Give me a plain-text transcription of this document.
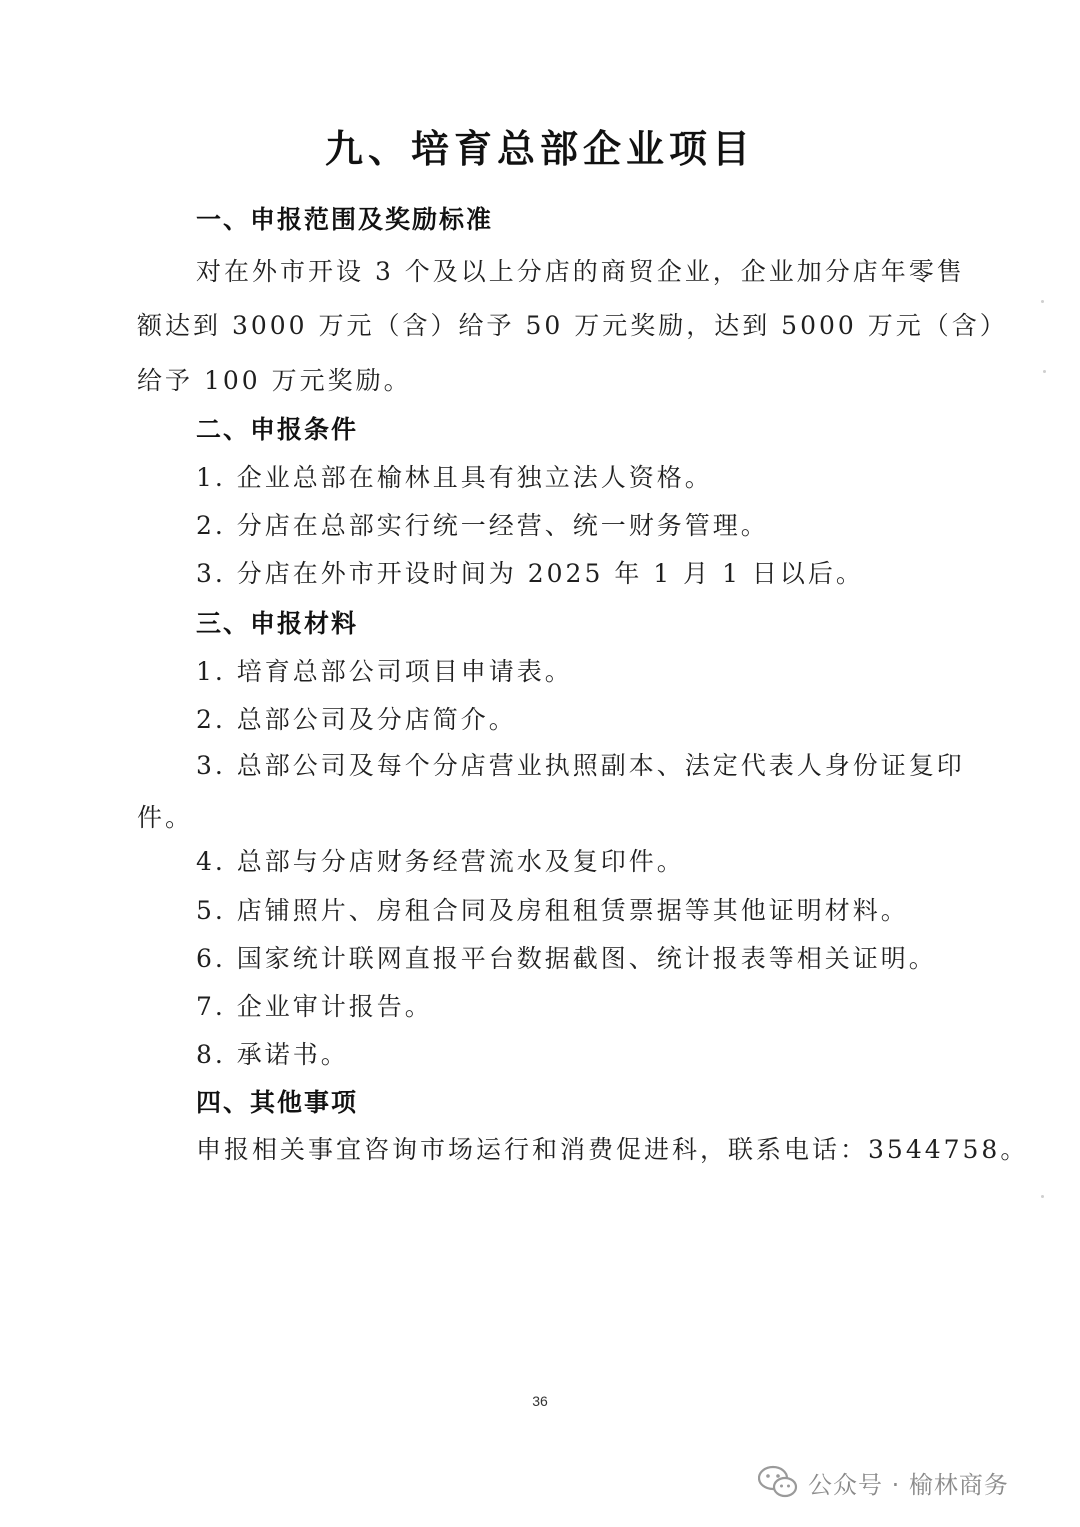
九、培育总部企业项目
一、申报范围及奖励标准
对在外市开设 3 个及以上分店的商贸企业，企业加分店年零售
额达到 3000 万元（含）给予 50 万元奖励，达到 5000 万元（含）
给予 100 万元奖励。
二、申报条件
1. 企业总部在榆林且具有独立法人资格。
2. 分店在总部实行统一经营、统一财务管理。
3. 分店在外市开设时间为 2025 年 1 月 1 日以后。
三、申报材料
1. 培育总部公司项目申请表。
2. 总部公司及分店简介。
3. 总部公司及每个分店营业执照副本、法定代表人身份证复印
件。
4. 总部与分店财务经营流水及复印件。
5. 店铺照片、房租合同及房租租赁票据等其他证明材料。
6. 国家统计联网直报平台数据截图、统计报表等相关证明。
7. 企业审计报告。
8. 承诺书。
四、其他事项
申报相关事宜咨询市场运行和消费促进科，联系电话：3544758。
36
公众号 · 榆林商务
